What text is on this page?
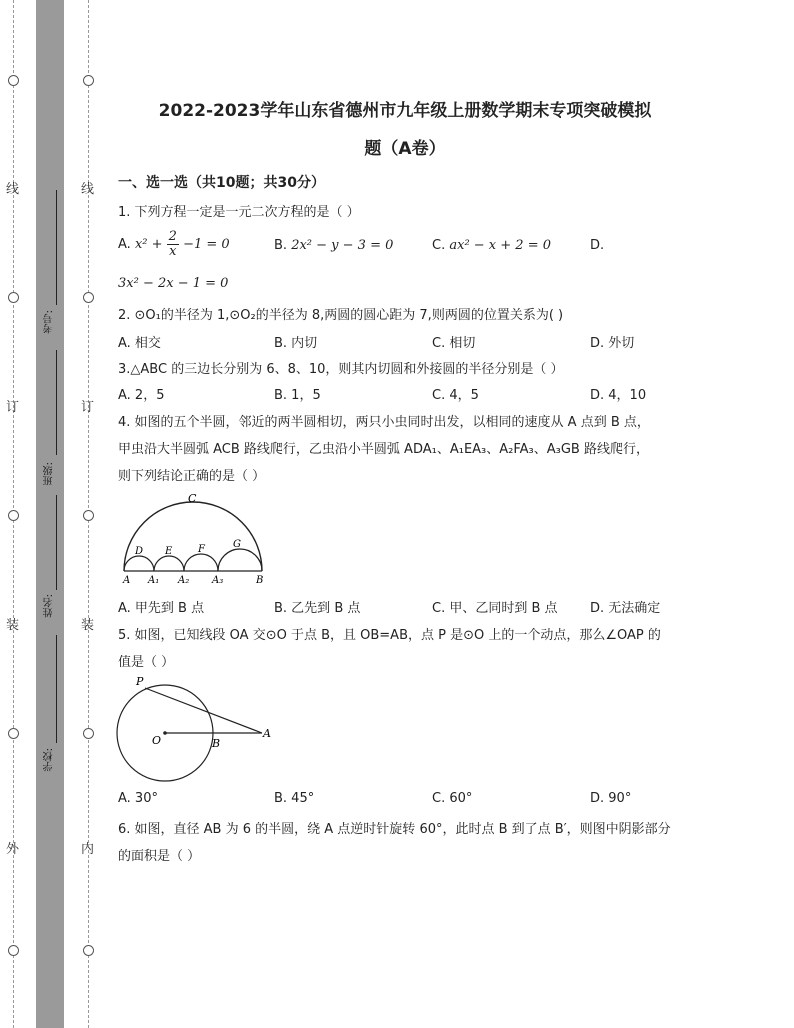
线
订
装
外
线
订
装
内
考号:
班级:
姓名:
学校:
2022-2023学年山东省德州市九年级上册数学期末专项突破模拟
题（A卷）
一、选一选（共10题；共30分）
1. 下列方程一定是一元二次方程的是（ ）
A. $x^2 + \frac{2}{x} -1 = 0$	B. 2x² − y − 3 = 0	C. ax² − x + 2 = 0	D.
3x² − 2x − 1 = 0
2. ⊙O₁的半径为 1,⊙O₂的半径为 8,两圆的圆心距为 7,则两圆的位置关系为( )
A. 相交	B. 内切	C. 相切	D. 外切
3.△ABC 的三边长分别为 6、8、10，则其内切圆和外接圆的半径分别是（ ）
A. 2，5	B. 1，5	C. 4，5	D. 4，10
4. 如图的五个半圆，邻近的两半圆相切，两只小虫同时出发，以相同的速度从 A 点到 B 点，
甲虫沿大半圆弧 ACB 路线爬行，乙虫沿小半圆弧 ADA₁、A₁EA₃、A₂FA₃、A₃GB 路线爬行，
则下列结论正确的是（ ）
C
D E	F	G
A A₁ A₂ A₃	B
A. 甲先到 B 点	B. 乙先到 B 点	C. 甲、乙同时到 B 点 D. 无法确定
5. 如图，已知线段 OA 交⊙O 于点 B，且 OB=AB，点 P 是⊙O 上的一个动点，那么∠OAP 的
值是（ ）
P
O	B
A
A. 30°	B. 45°	C. 60°	D. 90°
6. 如图，直径 AB 为 6 的半圆，绕 A 点逆时针旋转 60°，此时点 B 到了点 B′，则图中阴影部分
的面积是（ ）
